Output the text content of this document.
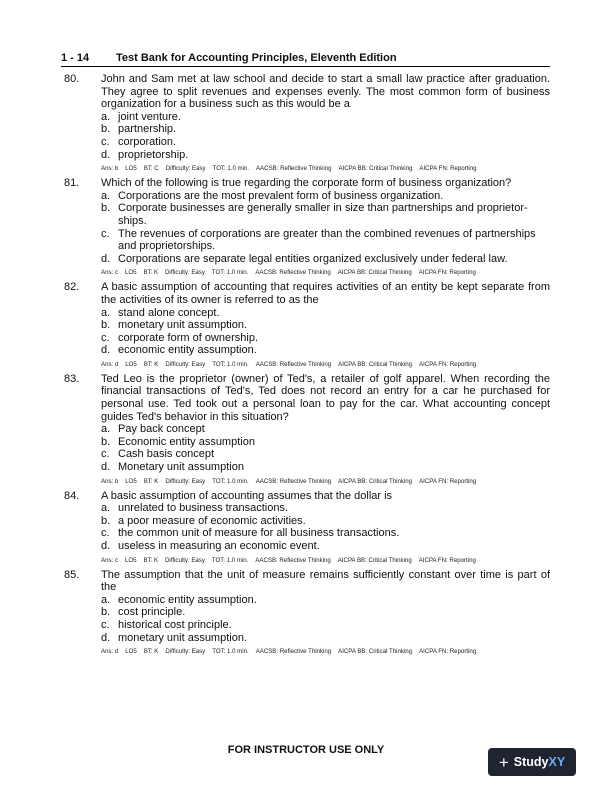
1 - 14 Test Bank for Accounting Principles, Eleventh Edition
80.	John and Sam met at law school and decide to start a small law practice after graduation. They agree to split revenues and expenses evenly. The most common form of business organization for a business such as this would be a
a. joint venture.
b. partnership.
c. corporation.
d. proprietorship.
Ans: b LO5 BT: C Difficulty: Easy TOT: 1.0 min. AACSB: Reflective Thinking AICPA BB: Critical Thinking AICPA FN: Reporting
81.	Which of the following is true regarding the corporate form of business organization?
a. Corporations are the most prevalent form of business organization.
b. Corporate businesses are generally smaller in size than partnerships and proprietor- ships.
c. The revenues of corporations are greater than the combined revenues of partnerships and proprietorships.
d. Corporations are separate legal entities organized exclusively under federal law.
Ans: c LO5 BT: K Difficulty: Easy TOT: 1.0 min. AACSB: Reflective Thinking AICPA BB: Critical Thinking AICPA FN: Reporting
82.	A basic assumption of accounting that requires activities of an entity be kept separate from the activities of its owner is referred to as the
a. stand alone concept.
b. monetary unit assumption.
c. corporate form of ownership.
d. economic entity assumption.
Ans: d LO5 BT: K Difficulty: Easy TOT: 1.0 min. AACSB: Reflective Thinking AICPA BB: Critical Thinking AICPA FN: Reporting
83.	Ted Leo is the proprietor (owner) of Ted's, a retailer of golf apparel. When recording the financial transactions of Ted's, Ted does not record an entry for a car he purchased for personal use. Ted took out a personal loan to pay for the car. What accounting concept guides Ted's behavior in this situation?
a. Pay back concept
b. Economic entity assumption
c. Cash basis concept
d. Monetary unit assumption
Ans: b LO5 BT: K Difficulty: Easy TOT: 1.0 min. AACSB: Reflective Thinking AICPA BB: Critical Thinking AICPA FN: Reporting
84.	A basic assumption of accounting assumes that the dollar is
a. unrelated to business transactions.
b. a poor measure of economic activities.
c. the common unit of measure for all business transactions.
d. useless in measuring an economic event.
Ans: c LO5 BT: K Difficulty: Easy TOT: 1.0 min. AACSB: Reflective Thinking AICPA BB: Critical Thinking AICPA FN: Reporting
85.	The assumption that the unit of measure remains sufficiently constant over time is part of the
a. economic entity assumption.
b. cost principle.
c. historical cost principle.
d. monetary unit assumption.
Ans: d LO5 BT: K Difficulty: Easy TOT: 1.0 min. AACSB: Reflective Thinking AICPA BB: Critical Thinking AICPA FN: Reporting
FOR INSTRUCTOR USE ONLY
+ Study XY
